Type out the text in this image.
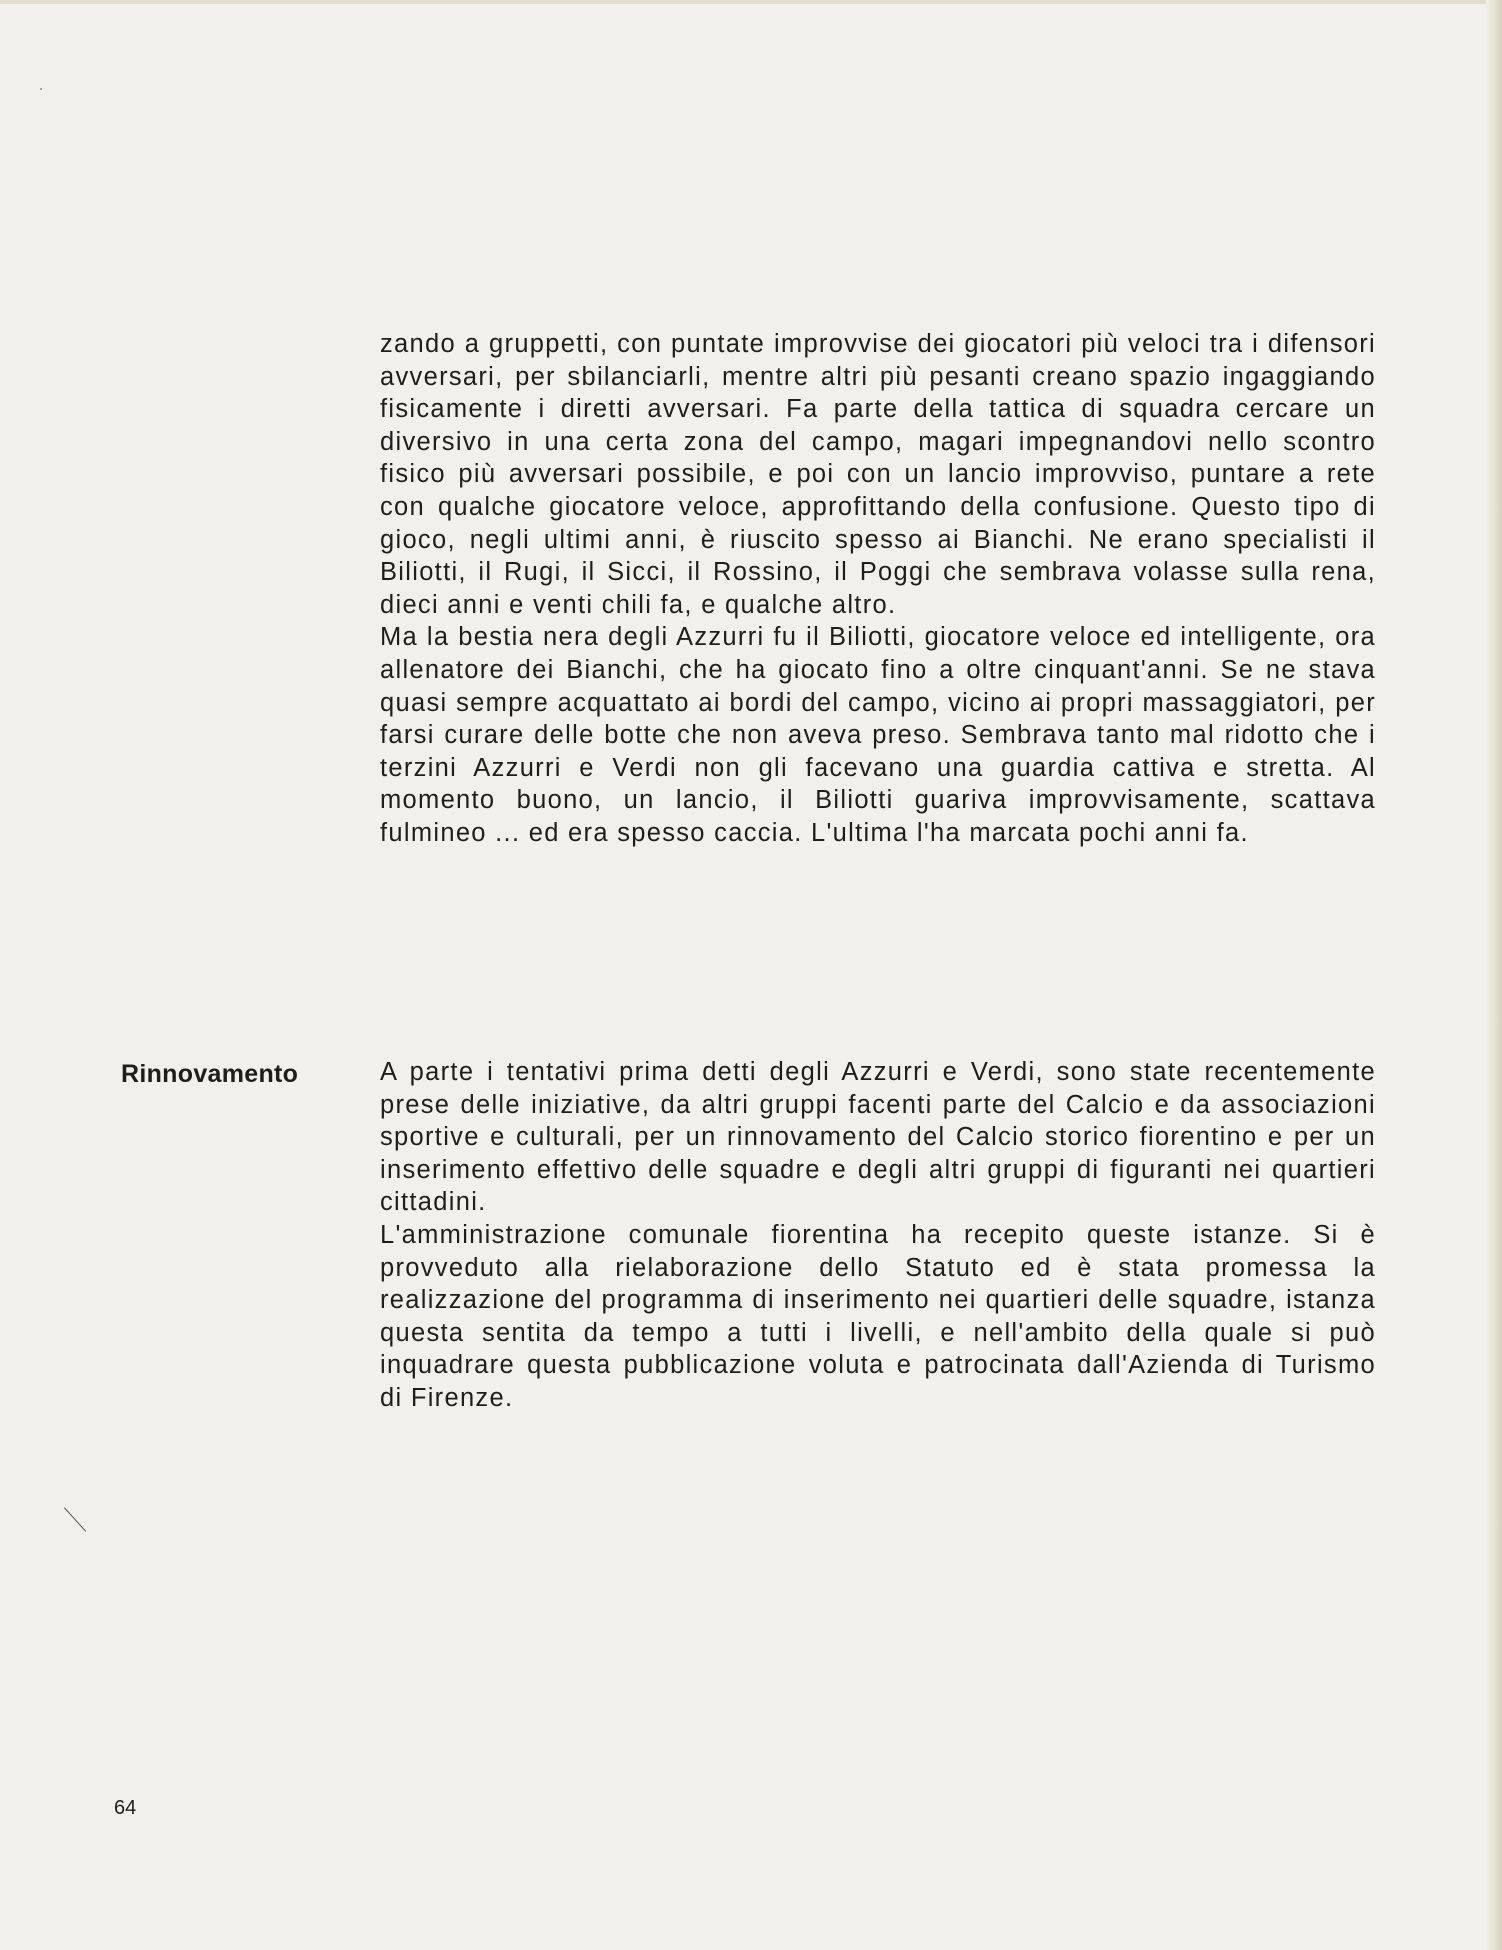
zando a gruppetti, con puntate improvvise dei giocatori più veloci tra i difensori avversari, per sbilanciarli, mentre altri più pesanti creano spazio ingaggiando fisicamente i diretti avversari. Fa parte della tattica di squadra cercare un diversivo in una certa zona del campo, magari impegnandovi nello scontro fisico più avversari possibile, e poi con un lancio improvviso, puntare a rete con qualche giocatore veloce, approfittando della confusione. Questo tipo di gioco, negli ultimi anni, è riuscito spesso ai Bianchi. Ne erano specialisti il Biliotti, il Rugi, il Sicci, il Rossino, il Poggi che sembrava volasse sulla rena, dieci anni e venti chili fa, e qualche altro.

Ma la bestia nera degli Azzurri fu il Biliotti, giocatore veloce ed intelligente, ora allenatore dei Bianchi, che ha giocato fino a oltre cinquant'anni. Se ne stava quasi sempre acquattato ai bordi del campo, vicino ai propri massaggiatori, per farsi curare delle botte che non aveva preso. Sembrava tanto mal ridotto che i terzini Azzurri e Verdi non gli facevano una guardia cattiva e stretta. Al momento buono, un lancio, il Biliotti guariva improvvisamente, scattava fulmineo ... ed era spesso caccia. L'ultima l'ha marcata pochi anni fa.

Rinnovamento	A parte i tentativi prima detti degli Azzurri e Verdi, sono state recentemente prese delle iniziative, da altri gruppi facenti parte del Calcio e da associazioni sportive e culturali, per un rinnovamento del Calcio storico fiorentino e per un inserimento effettivo delle squadre e degli altri gruppi di figuranti nei quartieri cittadini.

L'amministrazione comunale fiorentina ha recepito queste istanze. Si è provveduto alla rielaborazione dello Statuto ed è stata promessa la realizzazione del programma di inserimento nei quartieri delle squadre, istanza questa sentita da tempo a tutti i livelli, e nell'ambito della quale si può inquadrare questa pubblicazione voluta e patrocinata dall'Azienda di Turismo di Firenze.

64
